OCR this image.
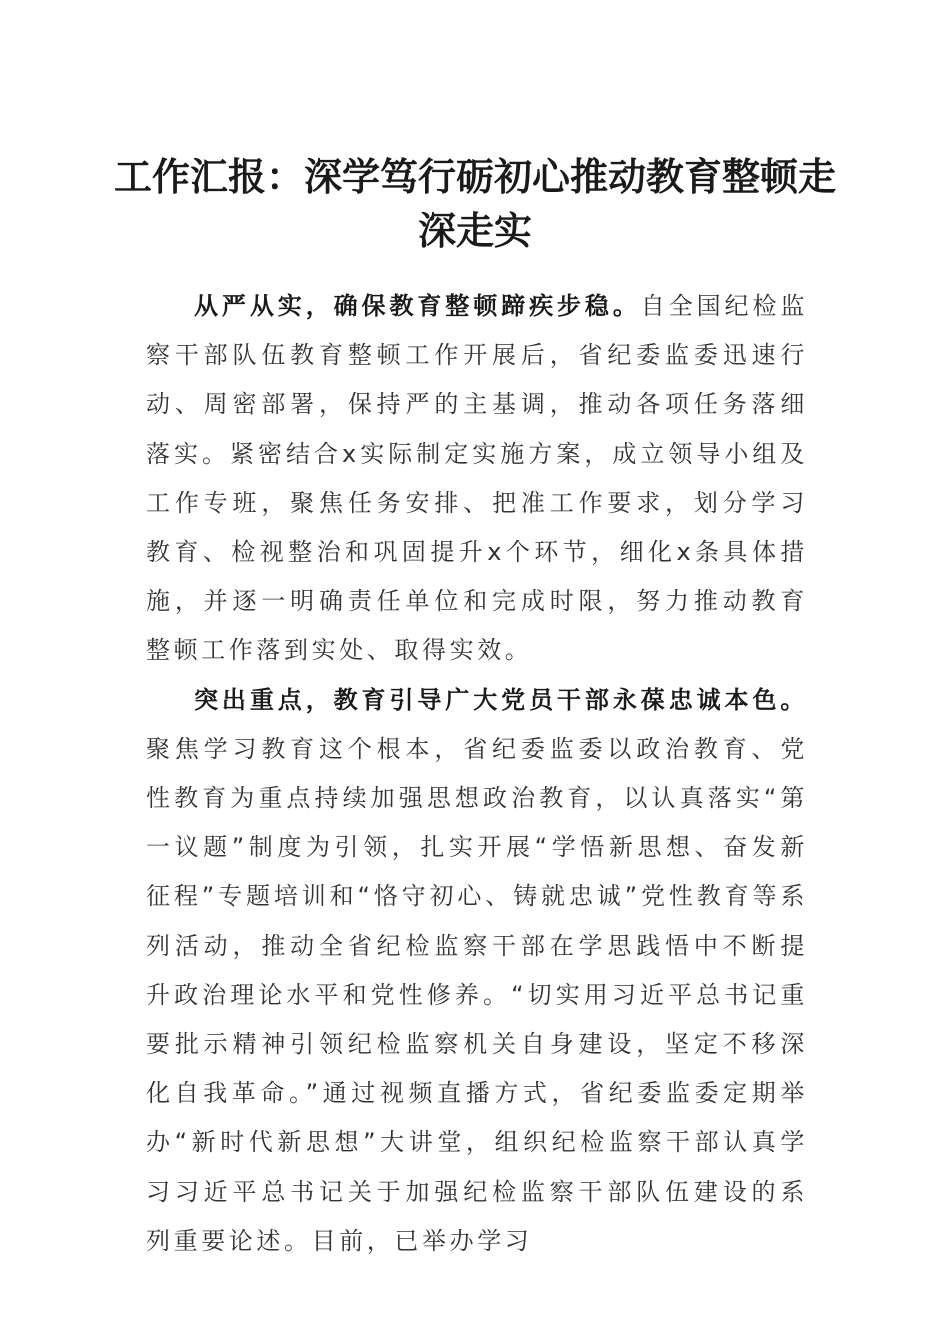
工作汇报：深学笃行砺初心推动教育整顿走深走实

从严从实，确保教育整顿蹄疾步稳。自全国纪检监察干部队伍教育整顿工作开展后，省纪委监委迅速行动、周密部署，保持严的主基调，推动各项任务落细落实。紧密结合x实际制定实施方案，成立领导小组及工作专班，聚焦任务安排、把准工作要求，划分学习教育、检视整治和巩固提升x个环节，细化x条具体措施，并逐一明确责任单位和完成时限，努力推动教育整顿工作落到实处、取得实效。

突出重点，教育引导广大党员干部永葆忠诚本色。聚焦学习教育这个根本，省纪委监委以政治教育、党性教育为重点持续加强思想政治教育，以认真落实“第一议题”制度为引领，扎实开展“学悟新思想、奋发新征程”专题培训和“恪守初心、铸就忠诚”党性教育等系列活动，推动全省纪检监察干部在学思践悟中不断提升政治理论水平和党性修养。“切实用习近平总书记重要批示精神引领纪检监察机关自身建设，坚定不移深化自我革命。”通过视频直播方式，省纪委监委定期举办“新时代新思想”大讲堂，组织纪检监察干部认真学习习近平总书记关于加强纪检监察干部队伍建设的系列重要论述。目前，已举办学习
